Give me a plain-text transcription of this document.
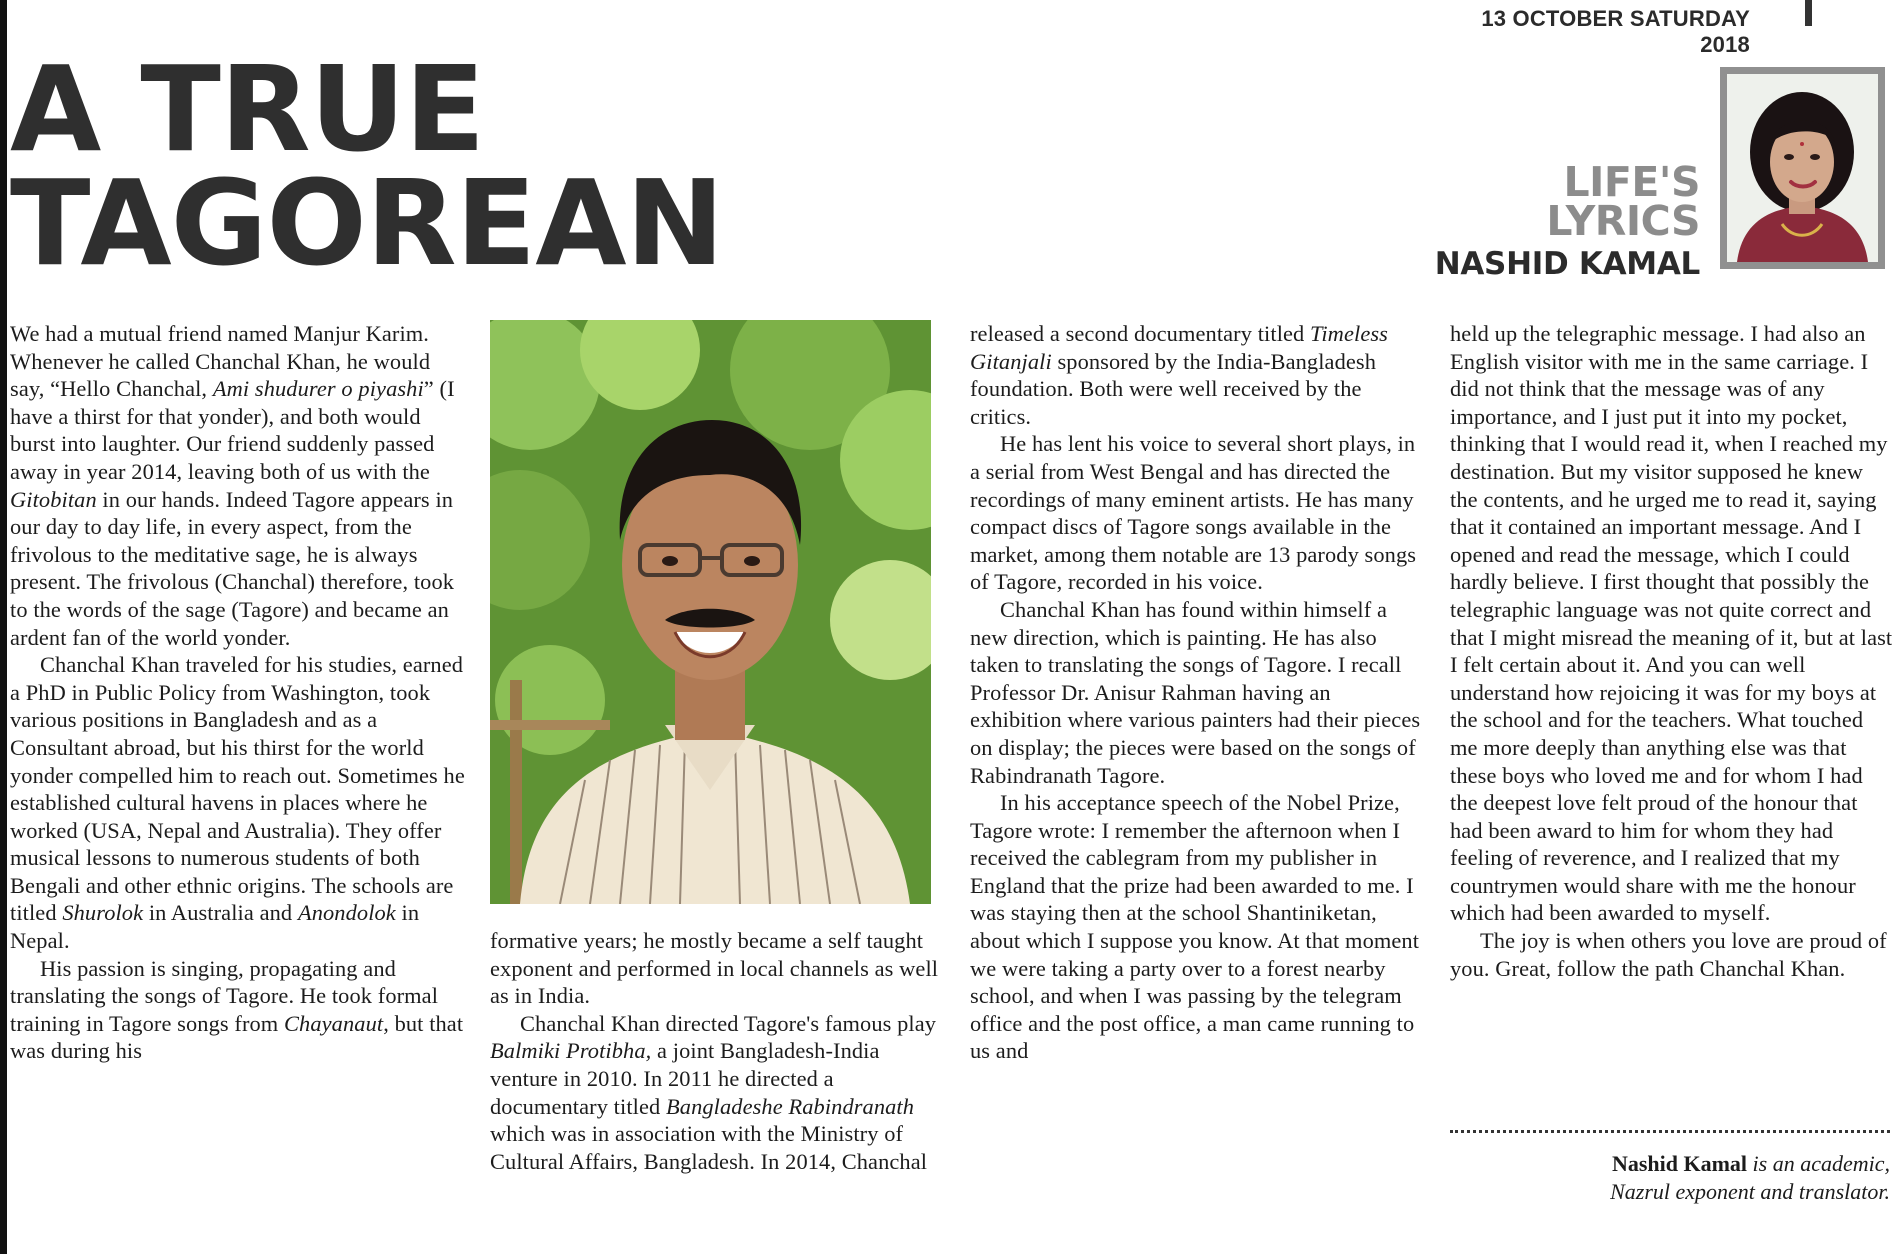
13 OCTOBER SATURDAY 2018
A TRUE
TAGOREAN	LIFE'S
LYRICS
NASHID KAMAL

We had a mutual friend named Manjur Karim. Whenever he called Chanchal Khan, he would say, “Hello Chanchal, Ami shudurer o piyashi” (I have a thirst for that yonder), and both would burst into laughter. Our friend suddenly passed away in year 2014, leaving both of us with the Gitobitan in our hands. Indeed Tagore appears in our day to day life, in every aspect, from the frivolous to the meditative sage, he is always present. The frivolous (Chanchal) therefore, took to the words of the sage (Tagore) and became an ardent fan of the world yonder.

Chanchal Khan traveled for his studies, earned a PhD in Public Policy from Washington, took various positions in Bangladesh and as a Consultant abroad, but his thirst for the world yonder compelled him to reach out. Sometimes he established cultural havens in places where he worked (USA, Nepal and Australia). They offer musical lessons to numerous students of both Bengali and other ethnic origins. The schools are titled Shurolok in Australia and Anondolok in Nepal.

His passion is singing, propagating and translating the songs of Tagore. He took formal training in Tagore songs from Chayanaut, but that was during his

formative years; he mostly became a self taught exponent and performed in local channels as well as in India.

Chanchal Khan directed Tagore's famous play Balmiki Protibha, a joint Bangladesh-India venture in 2010. In 2011 he directed a documentary titled Bangladeshe Rabindranath which was in association with the Ministry of Cultural Affairs, Bangladesh. In 2014, Chanchal

released a second documentary titled Timeless Gitanjali sponsored by the India-Bangladesh foundation. Both were well received by the critics.

He has lent his voice to several short plays, in a serial from West Bengal and has directed the recordings of many eminent artists. He has many compact discs of Tagore songs available in the market, among them notable are 13 parody songs of Tagore, recorded in his voice.

Chanchal Khan has found within himself a new direction, which is painting. He has also taken to translating the songs of Tagore. I recall Professor Dr. Anisur Rahman having an exhibition where various painters had their pieces on display; the pieces were based on the songs of Rabindranath Tagore.

In his acceptance speech of the Nobel Prize, Tagore wrote: I remember the afternoon when I received the cablegram from my publisher in England that the prize had been awarded to me. I was staying then at the school Shantiniketan, about which I suppose you know. At that moment we were taking a party over to a forest nearby school, and when I was passing by the telegram office and the post office, a man came running to us and

held up the telegraphic message. I had also an English visitor with me in the same carriage. I did not think that the message was of any importance, and I just put it into my pocket, thinking that I would read it, when I reached my destination. But my visitor supposed he knew the contents, and he urged me to read it, saying that it contained an important message. And I opened and read the message, which I could hardly believe. I first thought that possibly the telegraphic language was not quite correct and that I might misread the meaning of it, but at last I felt certain about it. And you can well understand how rejoicing it was for my boys at the school and for the teachers. What touched me more deeply than anything else was that these boys who loved me and for whom I had the deepest love felt proud of the honour that had been award to him for whom they had feeling of reverence, and I realized that my countrymen would share with me the honour which had been awarded to myself.

The joy is when others you love are proud of you. Great, follow the path Chanchal Khan.

Nashid Kamal is an academic,
Nazrul exponent and translator.
